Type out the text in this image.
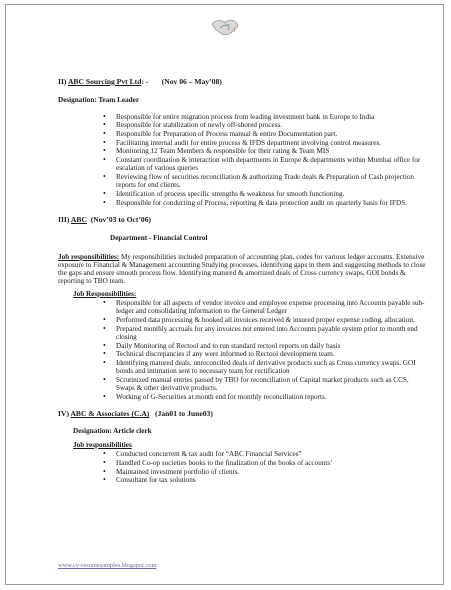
II) ABC Sourcing Pvt Ltd: - (Nov 06 – May’08)

Designation: Team Leader

• Responsible for entire migration process from leading investment bank in Europe to India
• Responsible for stabilization of newly off-shored process.
• Responsible for Preparation of Process manual & entire Documentation part.
• Facilitating internal audit for entire process & IFDS department involving control measures.
• Monitoring 12 Team Members & responsible for their rating & Team MIS
• Constant coordination & interaction with departments in Europe & departments within Mumbai office for escalation of various queries
• Reviewing flow of securities reconciliation & authorizing Trade deals & Preparation of Cash projection reports for end clients.
• Identification of process specific strengths & weakness for smooth functioning.
• Responsible for conducting of Process, reporting & data protection audit on quarterly basis for IFDS.

III) ABC (Nov’03 to Oct’06)

Department - Financial Control

Job responsibilities: My responsibilities included preparation of accounting plan, codes for various ledger accounts. Extensive exposure to Financial & Management accounting Studying processes, identifying gaps in them and suggesting methods to close the gaps and ensure smooth process flow. Identifying matured & amortized deals of Cross currency swaps, GOI bonds & reporting to TBO team.

Job Responsibilities:

• Responsible for all aspects of vendor invoice and employee expense processing into Accounts payable sub-ledger and consolidating information to the General Ledger
• Performed data processing & booked all invoices received & insured proper expense coding, allocation.
• Prepared monthly accruals for any invoices not entered into Accounts payable system prior to month end closing
• Daily Monitoring of Rectool and to run standard rectool reports on daily basis
• Technical discrepancies if any were informed to Rectool development team.
• Identifying matured deals, unreconciled deals of derivative products such as Cross currency swaps, GOI bonds and intimation sent to necessary team for rectification
• Scrutinized manual entries passed by TBO for reconciliation of Capital market products such as CCS, Swaps & other derivative products.
• Working of G-Securities at month end for monthly reconciliation reports.

IV) ABC & Associates (C.A) (Jan01 to June03)

Designation: Article clerk

Job responsibilities

• Conducted concurrent & tax audit for “ABC Financial Services”
• Handled Co-op societies books to the finalization of the books of accounts’
• Maintained investment portfolio of clients.
• Consultant for tax solutions
www.cv-resumesamples.blogspot.com
